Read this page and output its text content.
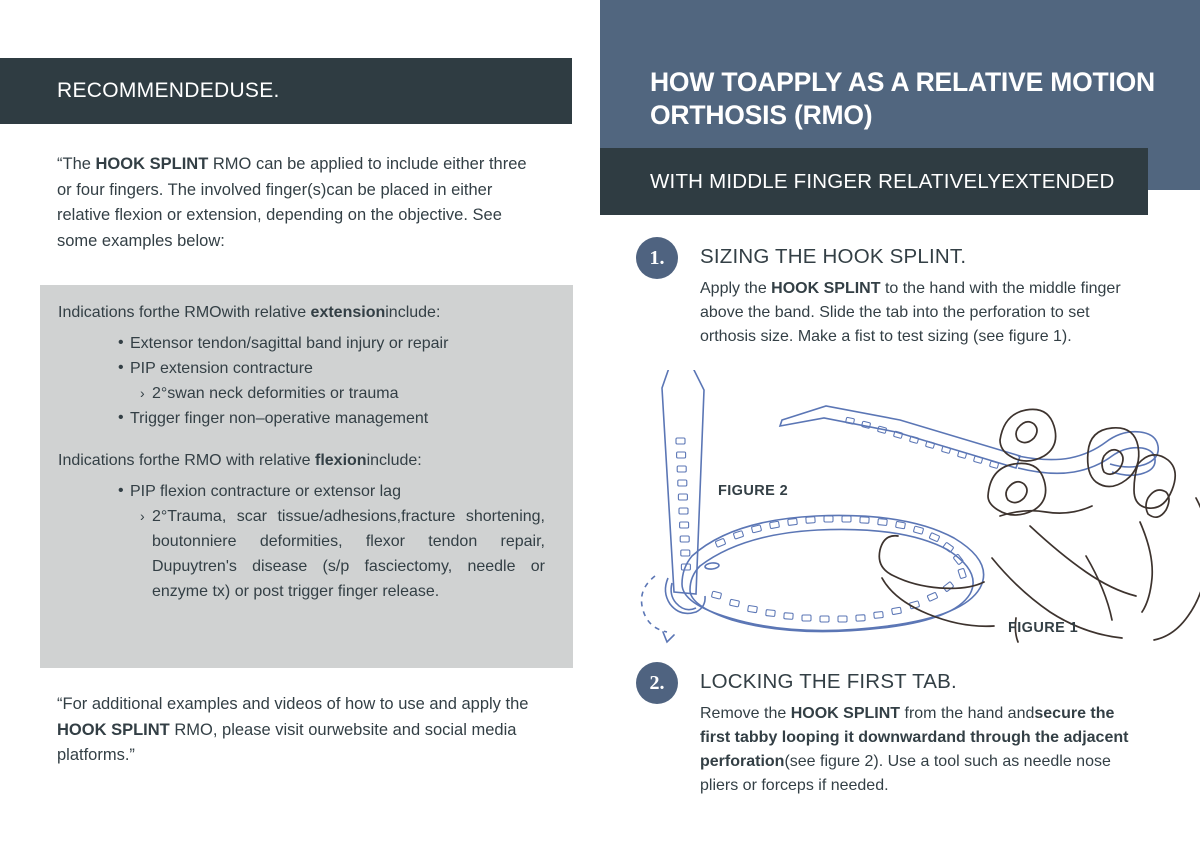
RECOMMENDEDUSE.
“The HOOK SPLINT RMO can be applied to include either three or four fingers. The involved finger(s)can be placed in either relative flexion or extension, depending on the objective. See some examples below:
Indications forthe RMOwith relative extensioninclude:
• Extensor tendon/sagittal band injury or repair
• PIP extension contracture
› 2°swan neck deformities or trauma
• Trigger finger non–operative management
Indications forthe RMO with relative flexioninclude:
• PIP flexion contracture or extensor lag
› 2°Trauma, scar tissue/adhesions,fracture shortening, boutonniere deformities, flexor tendon repair, Dupuytren's disease (s/p fasciectomy, needle or enzyme tx) or post trigger finger release.
“For additional examples and videos of how to use and apply the HOOK SPLINT RMO, please visit ourwebsite and social media platforms.”
HOW TOAPPLY AS A RELATIVE MOTION ORTHOSIS (RMO)
WITH MIDDLE FINGER RELATIVELYEXTENDED
1.	SIZING THE HOOK SPLINT.
Apply the HOOK SPLINT to the hand with the middle finger above the band. Slide the tab into the perforation to set orthosis size. Make a fist to test sizing (see figure 1).
FIGURE 2
FIGURE 1
2.	LOCKING THE FIRST TAB.
Remove the HOOK SPLINT from the hand andsecure the first tabby looping it downwardand through the adjacent perforation(see figure 2). Use a tool such as needle nose pliers or forceps if needed.
